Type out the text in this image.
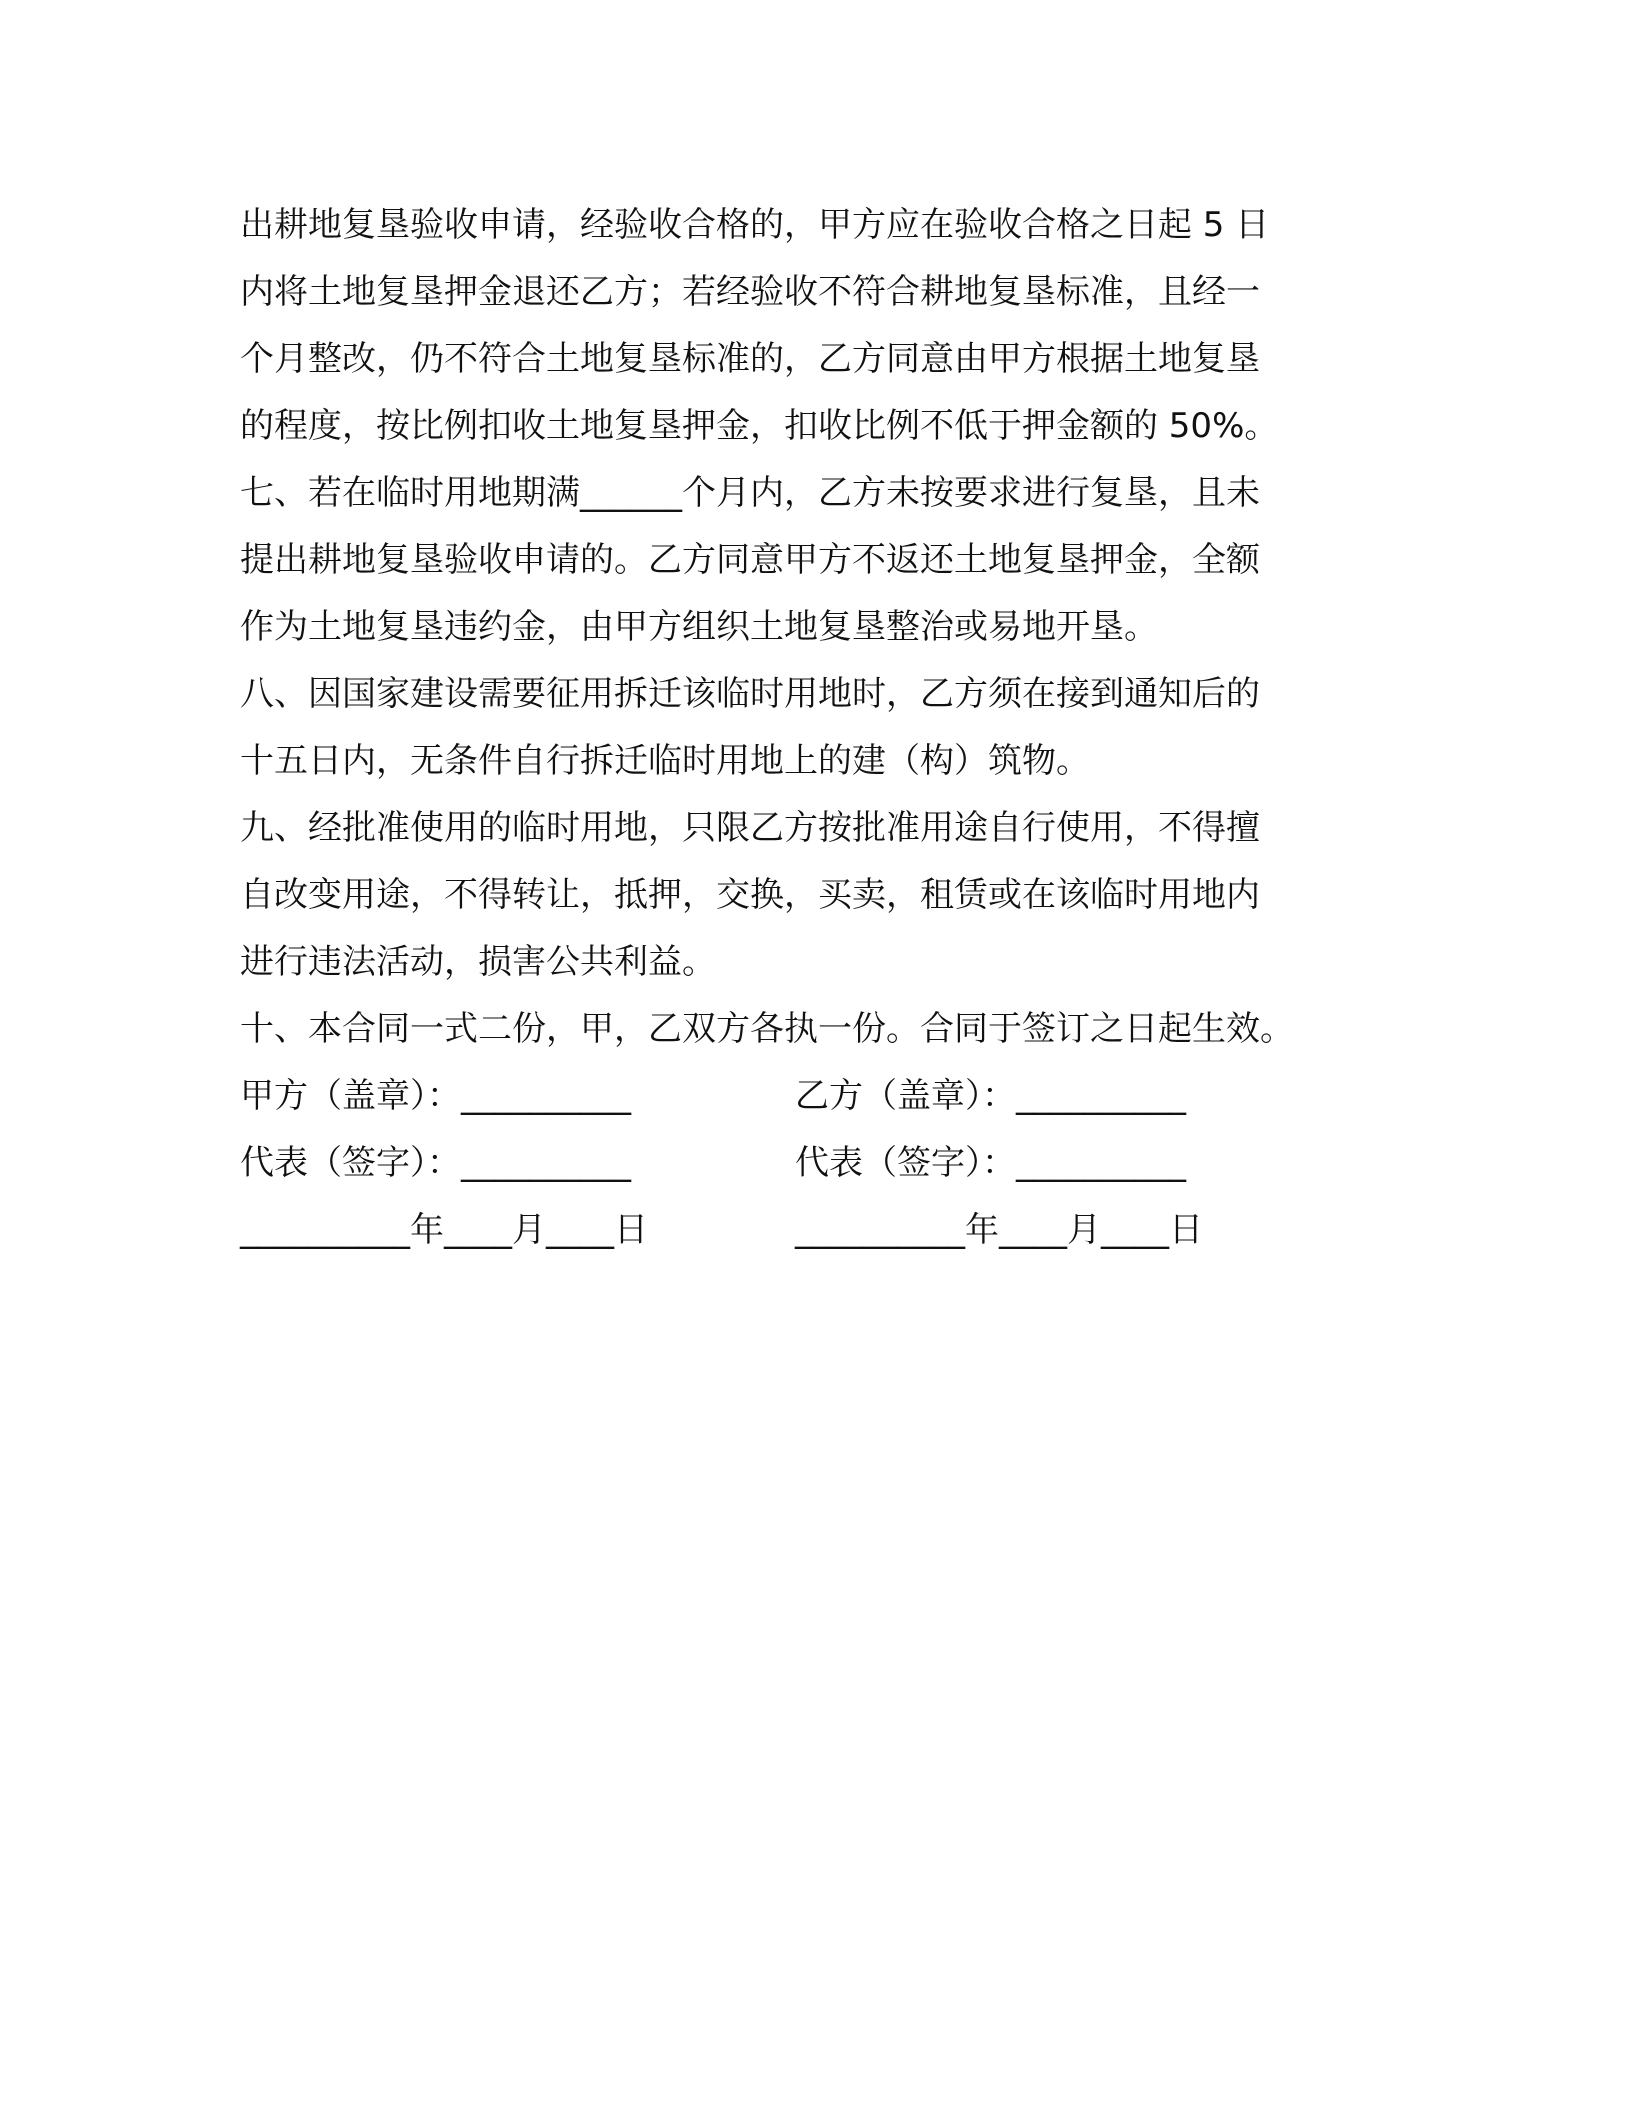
出耕地复垦验收申请，经验收合格的，甲方应在验收合格之日起 5 日
内将土地复垦押金退还乙方；若经验收不符合耕地复垦标准，且经一
个月整改，仍不符合土地复垦标准的，乙方同意由甲方根据土地复垦
的程度，按比例扣收土地复垦押金，扣收比例不低于押金额的 50%。
七、若在临时用地期满______个月内，乙方未按要求进行复垦，且未
提出耕地复垦验收申请的。乙方同意甲方不返还土地复垦押金，全额
作为土地复垦违约金，由甲方组织土地复垦整治或易地开垦。
八、因国家建设需要征用拆迁该临时用地时，乙方须在接到通知后的
十五日内，无条件自行拆迁临时用地上的建（构）筑物。
九、经批准使用的临时用地，只限乙方按批准用途自行使用，不得擅
自改变用途，不得转让，抵押，交换，买卖，租赁或在该临时用地内
进行违法活动，损害公共利益。
十、本合同一式二份，甲，乙双方各执一份。合同于签订之日起生效。
甲方（盖章）：__________	乙方（盖章）：__________
代表（签字）：__________	代表（签字）：__________
__________年____月____日	__________年____月____日
